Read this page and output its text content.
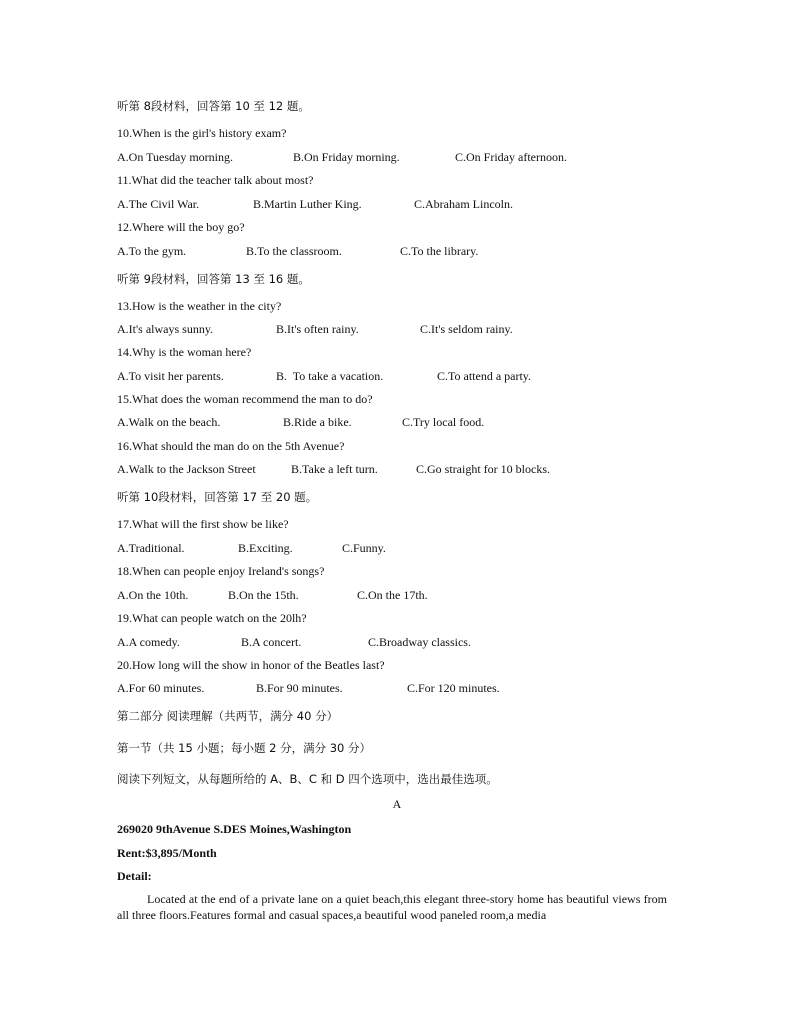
听第 8段材料，回答第 10 至 12 题。
10.When is the girl's history exam?
A.On Tuesday morning.	B.On Friday morning.	C.On Friday afternoon.
11.What did the teacher talk about most?
A.The Civil War.	B.Martin Luther King.	C.Abraham Lincoln.
12.Where will the boy go?
A.To the gym.	B.To the classroom.	C.To the library.
听第 9段材料，回答第 13 至 16 题。
13.How is the weather in the city?
A.It's always sunny.	B.It's often rainy.	C.It's seldom rainy.
14.Why is the woman here?
A.To visit her parents.	B.  To take a vacation.	C.To attend a party.
15.What does the woman recommend the man to do?
A.Walk on the beach.	B.Ride a bike.	C.Try local food.
16.What should the man do on the 5th Avenue?
A.Walk to the Jackson Street	B.Take a left turn.	C.Go straight for 10 blocks.
听第 10段材料，回答第 17 至 20 题。
17.What will the first show be like?
A.Traditional.	B.Exciting.	C.Funny.
18.When can people enjoy Ireland's songs?
A.On the 10th.	B.On the 15th.	C.On the 17th.
19.What can people watch on the 20lh?
A.A comedy.	B.A concert.	C.Broadway classics.
20.How long will the show in honor of the Beatles last?
A.For 60 minutes.	B.For 90 minutes.	C.For 120 minutes.
第二部分 阅读理解（共两节，满分 40 分）
第一节（共 15 小题；每小题 2 分，满分 30 分）
阅读下列短文，从每题所给的 A、B、C 和 D 四个选项中，选出最佳选项。
A
269020 9thAvenue S.DES Moines,Washington
Rent:$3,895/Month
Detail:
Located at the end of a private lane on a quiet beach,this elegant three-story home has beautiful views from all three floors.Features formal and casual spaces,a beautiful wood paneled room,a media
